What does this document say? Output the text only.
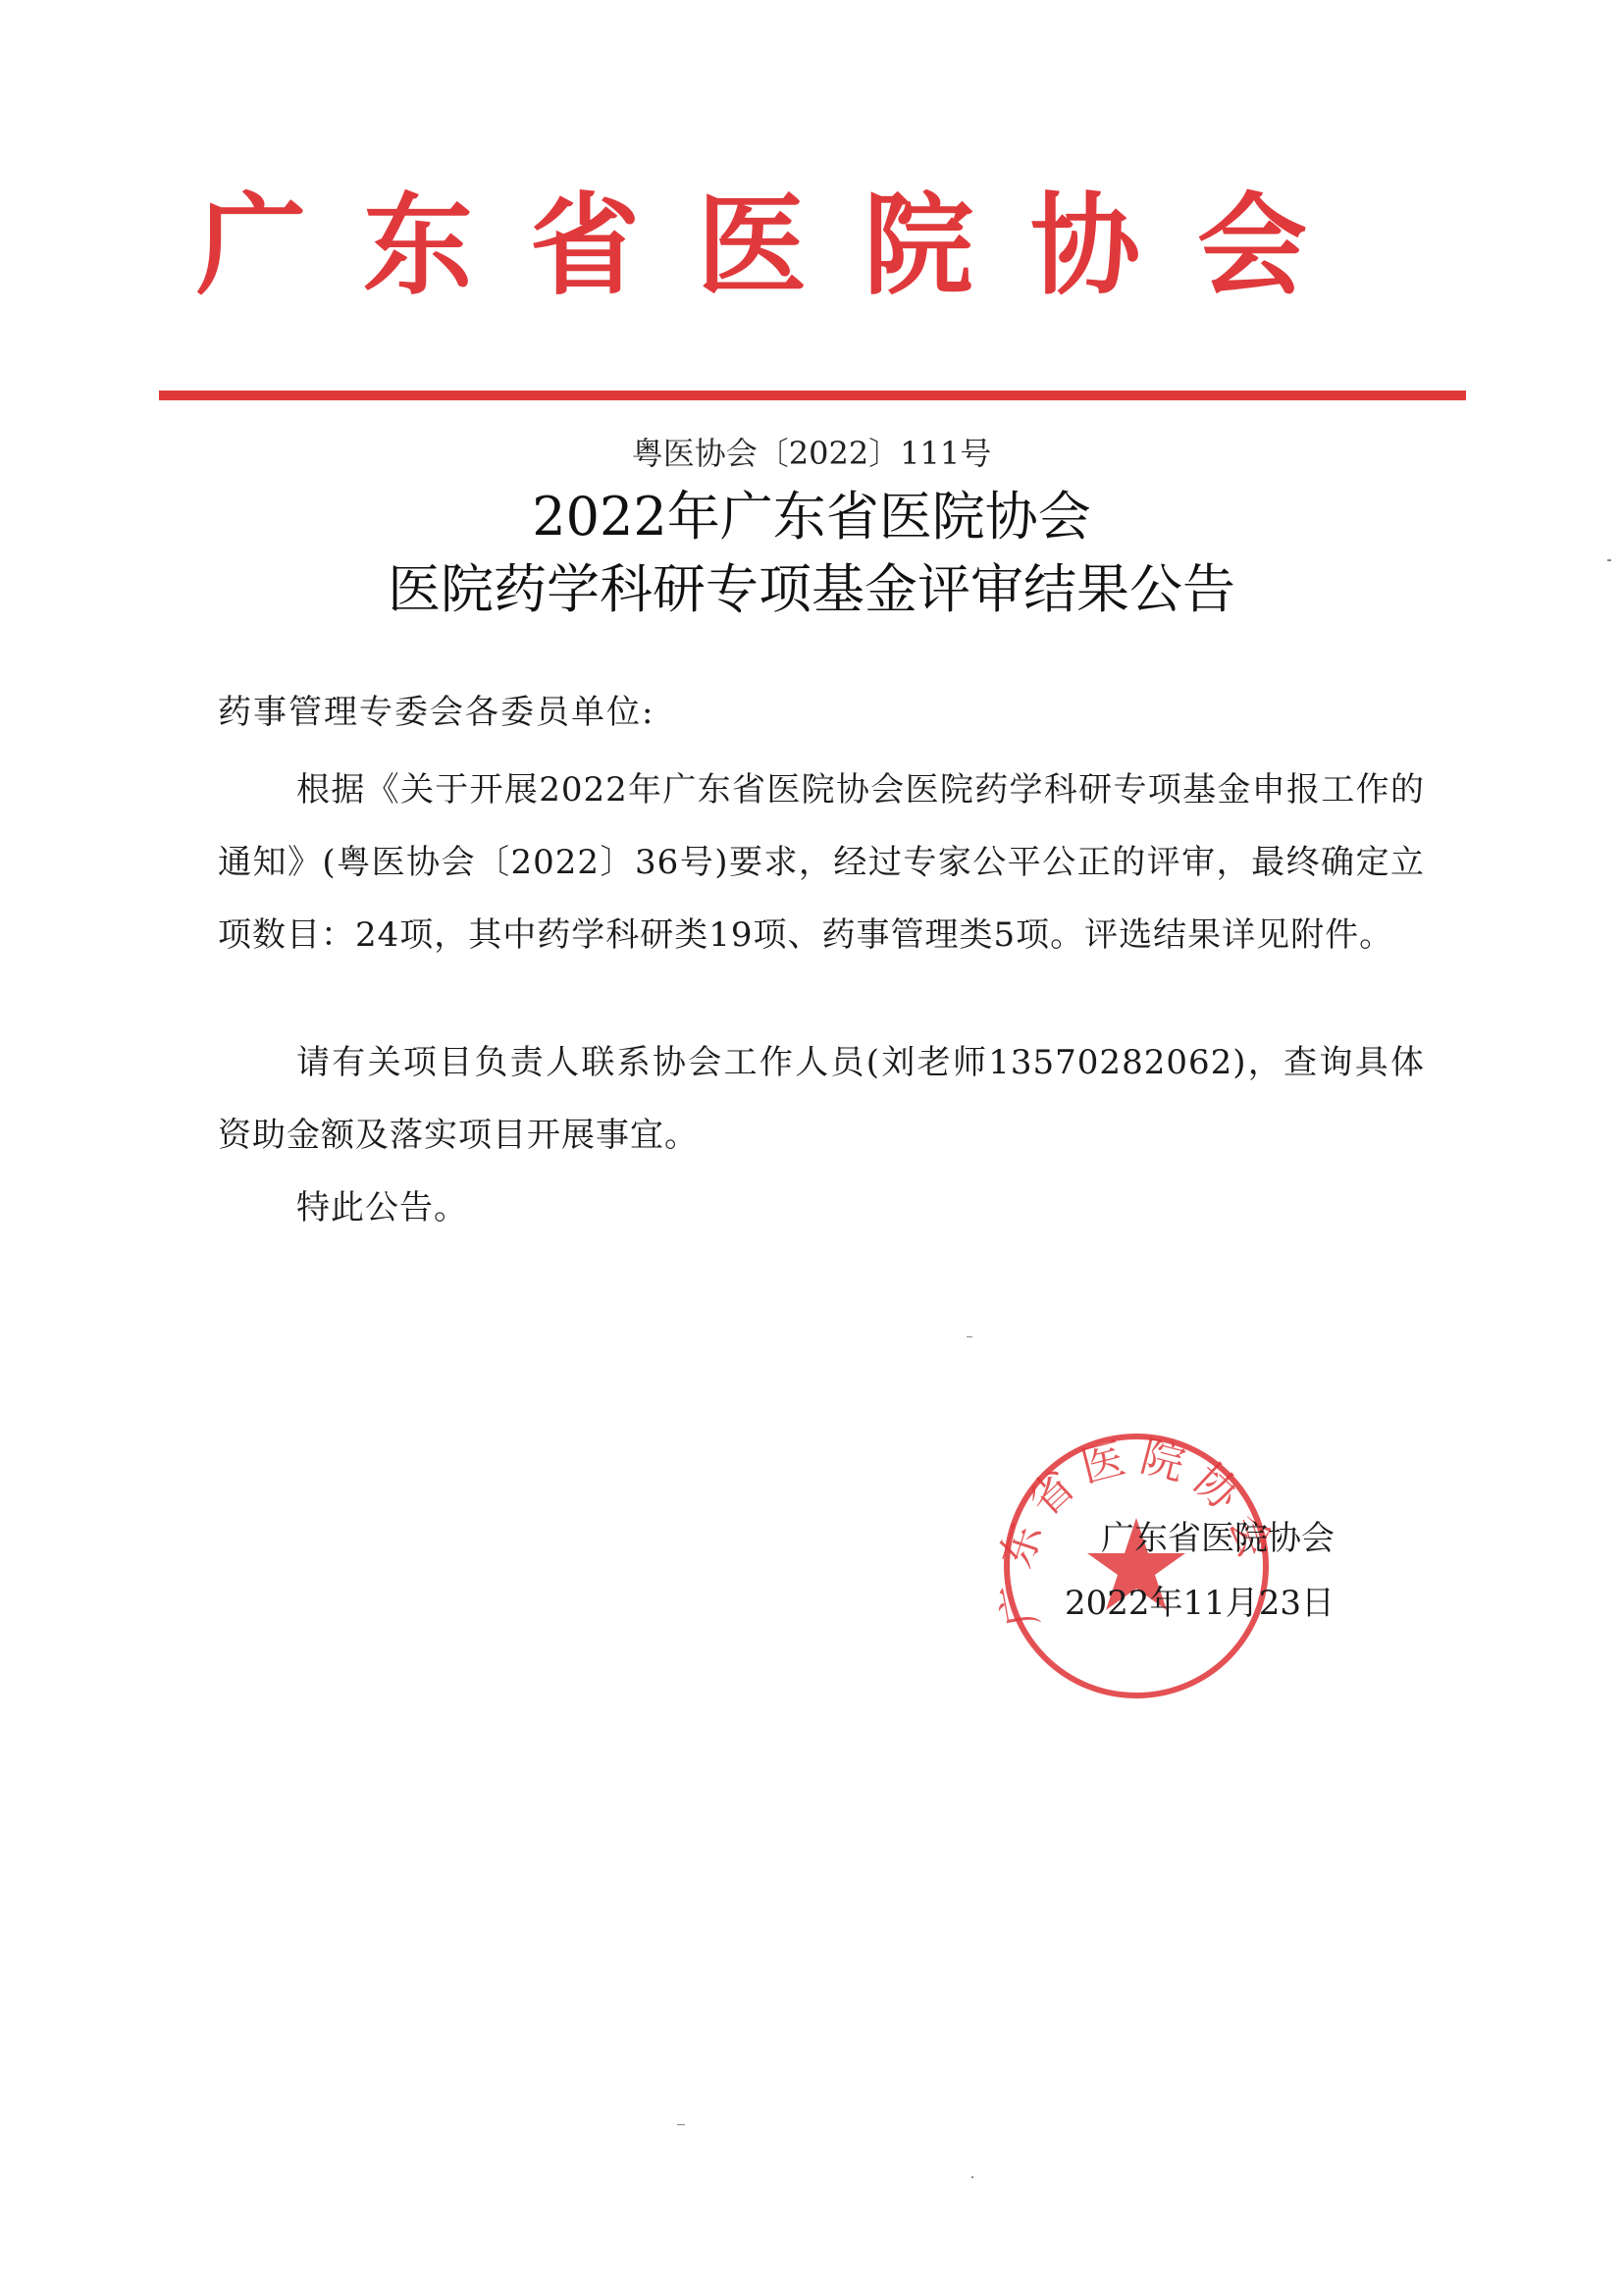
广东省医院协会
粤医协会〔2022〕111号
2022年广东省医院协会
医院药学科研专项基金评审结果公告
药事管理专委会各委员单位:

根据《关于开展2022年广东省医院协会医院药学科研专项基金申报工作的通知》(粤医协会〔2022〕36号)要求，经过专家公平公正的评审，最终确定立项数目：24项，其中药学科研类19项、药事管理类5项。评选结果详见附件。

请有关项目负责人联系协会工作人员(刘老师13570282062)，查询具体资助金额及落实项目开展事宜。

特此公告。

省医院协
广东省医院协会
2022年11月23日
